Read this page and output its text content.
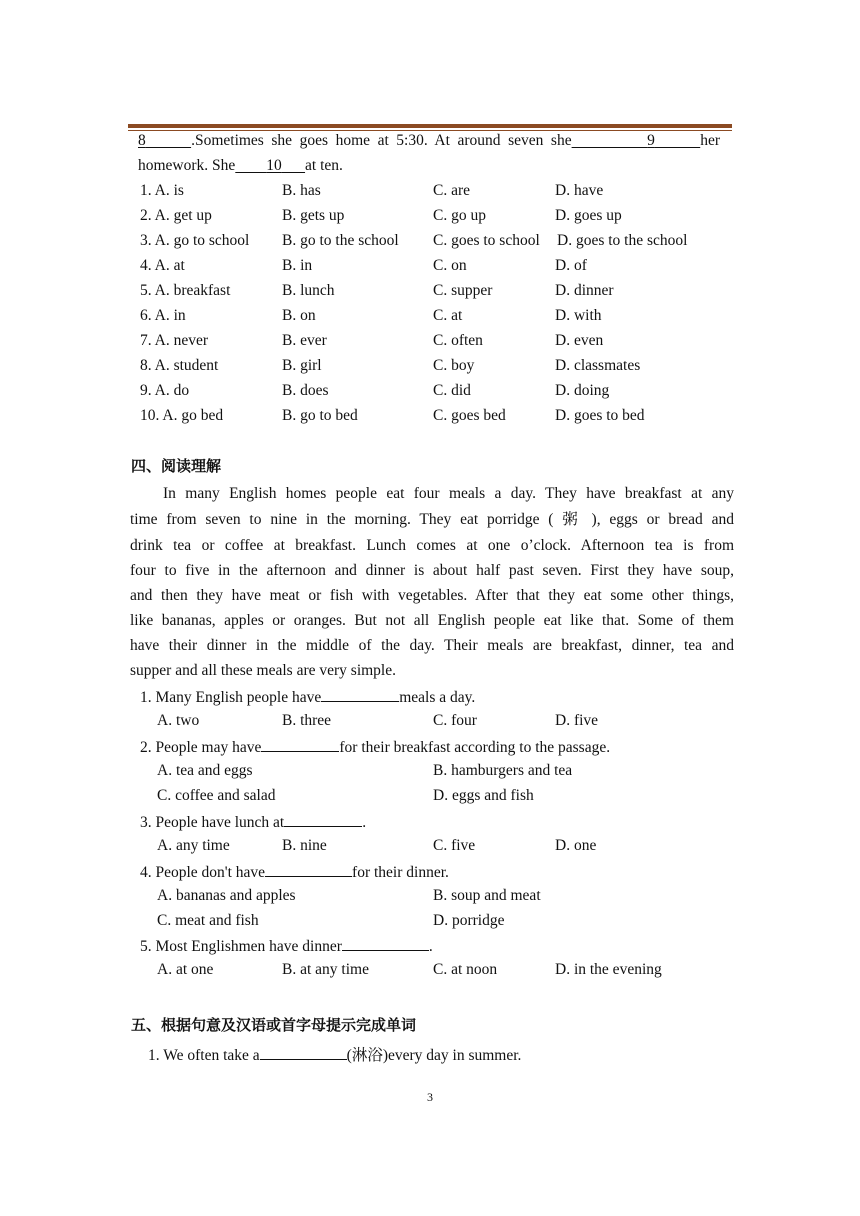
8	.Sometimes she goes home at 5:30. At around seven she	9	her
homework. She 10 at ten.
1. A. is	B. has	C. are	D. have
2. A. get up	B. gets up	C. go up	D. goes up
3. A. go to school B. go to the school C. goes to school D. goes to the school
4. A. at	B. in	C. on	D. of
5. A. breakfast	B. lunch	C. supper	D. dinner
6. A. in	B. on	C. at	D. with
7. A. never	B. ever	C. often	D. even
8. A. student	B. girl	C. boy	D. classmates
9. A. do	B. does	C. did	D. doing
10. A. go bed	B. go to bed	C. goes bed	D. goes to bed
四、阅读理解
In many English homes people eat four meals a day. They have breakfast at any
time from seven to nine in the morning. They eat porridge ( 粥 ), eggs or bread and
drink tea or coffee at breakfast. Lunch comes at one o’clock. Afternoon tea is from
four to five in the afternoon and dinner is about half past seven. First they have soup,
and then they have meat or fish with vegetables. After that they eat some other things,
like bananas, apples or oranges. But not all English people eat like that. Some of them
have their dinner in the middle of the day. Their meals are breakfast, dinner, tea and
supper and all these meals are very simple.
1. Many English people have	meals a day.
A. two	B. three	C. four	D. five
2. People may have	for their breakfast according to the passage.
A. tea and eggs	B. hamburgers and tea
C. coffee and salad	D. eggs and fish
3. People have lunch at	.
A. any time	B. nine	C. five	D. one
4. People don't have	for their dinner.
A. bananas and apples	B. soup and meat
C. meat and fish	D. porridge
5. Most Englishmen have dinner	.
A. at one	B. at any time	C. at noon	D. in the evening
五、根据句意及汉语或首字母提示完成单词
1. We often take a	(淋浴)every day in summer.
3
